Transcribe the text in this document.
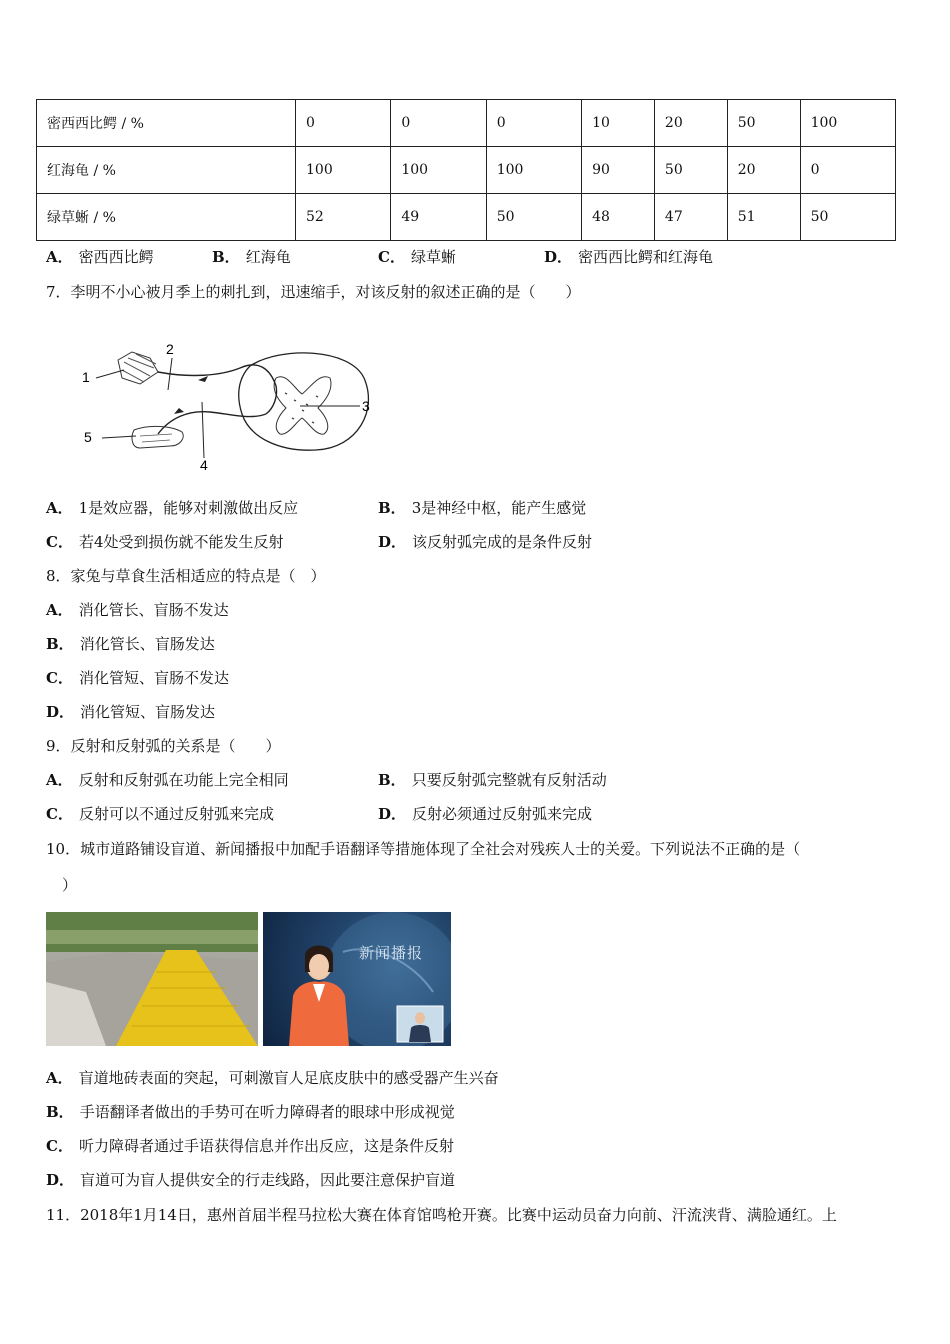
密西西比鳄 / %	0	0	0	10	20	50	100
红海龟 / %	100	100	100	90	50	20	0
绿草蜥 / %	52	49	50	48	47	51	50
A． 密西西比鳄	B． 红海龟	C． 绿草蜥	D． 密西西比鳄和红海龟
7．李明不小心被月季上的刺扎到，迅速缩手，对该反射的叙述正确的是（　　）
1
2
3
4
5
A． 1是效应器，能够对刺激做出反应	B． 3是神经中枢，能产生感觉
C． 若4处受到损伤就不能发生反射	D． 该反射弧完成的是条件反射
8．家兔与草食生活相适应的特点是（　）
A． 消化管长、盲肠不发达
B． 消化管长、盲肠发达
C． 消化管短、盲肠不发达
D． 消化管短、盲肠发达
9．反射和反射弧的关系是（　　）
A． 反射和反射弧在功能上完全相同	B． 只要反射弧完整就有反射活动
C． 反射可以不通过反射弧来完成	D． 反射必须通过反射弧来完成
10．城市道路铺设盲道、新闻播报中加配手语翻译等措施体现了全社会对残疾人士的关爱。下列说法不正确的是（
）
新闻播报
A． 盲道地砖表面的突起，可刺激盲人足底皮肤中的感受器产生兴奋
B． 手语翻译者做出的手势可在听力障碍者的眼球中形成视觉
C． 听力障碍者通过手语获得信息并作出反应，这是条件反射
D． 盲道可为盲人提供安全的行走线路，因此要注意保护盲道
11．2018年1月14日，惠州首届半程马拉松大赛在体育馆鸣枪开赛。比赛中运动员奋力向前、汗流浃背、满脸通红。上
